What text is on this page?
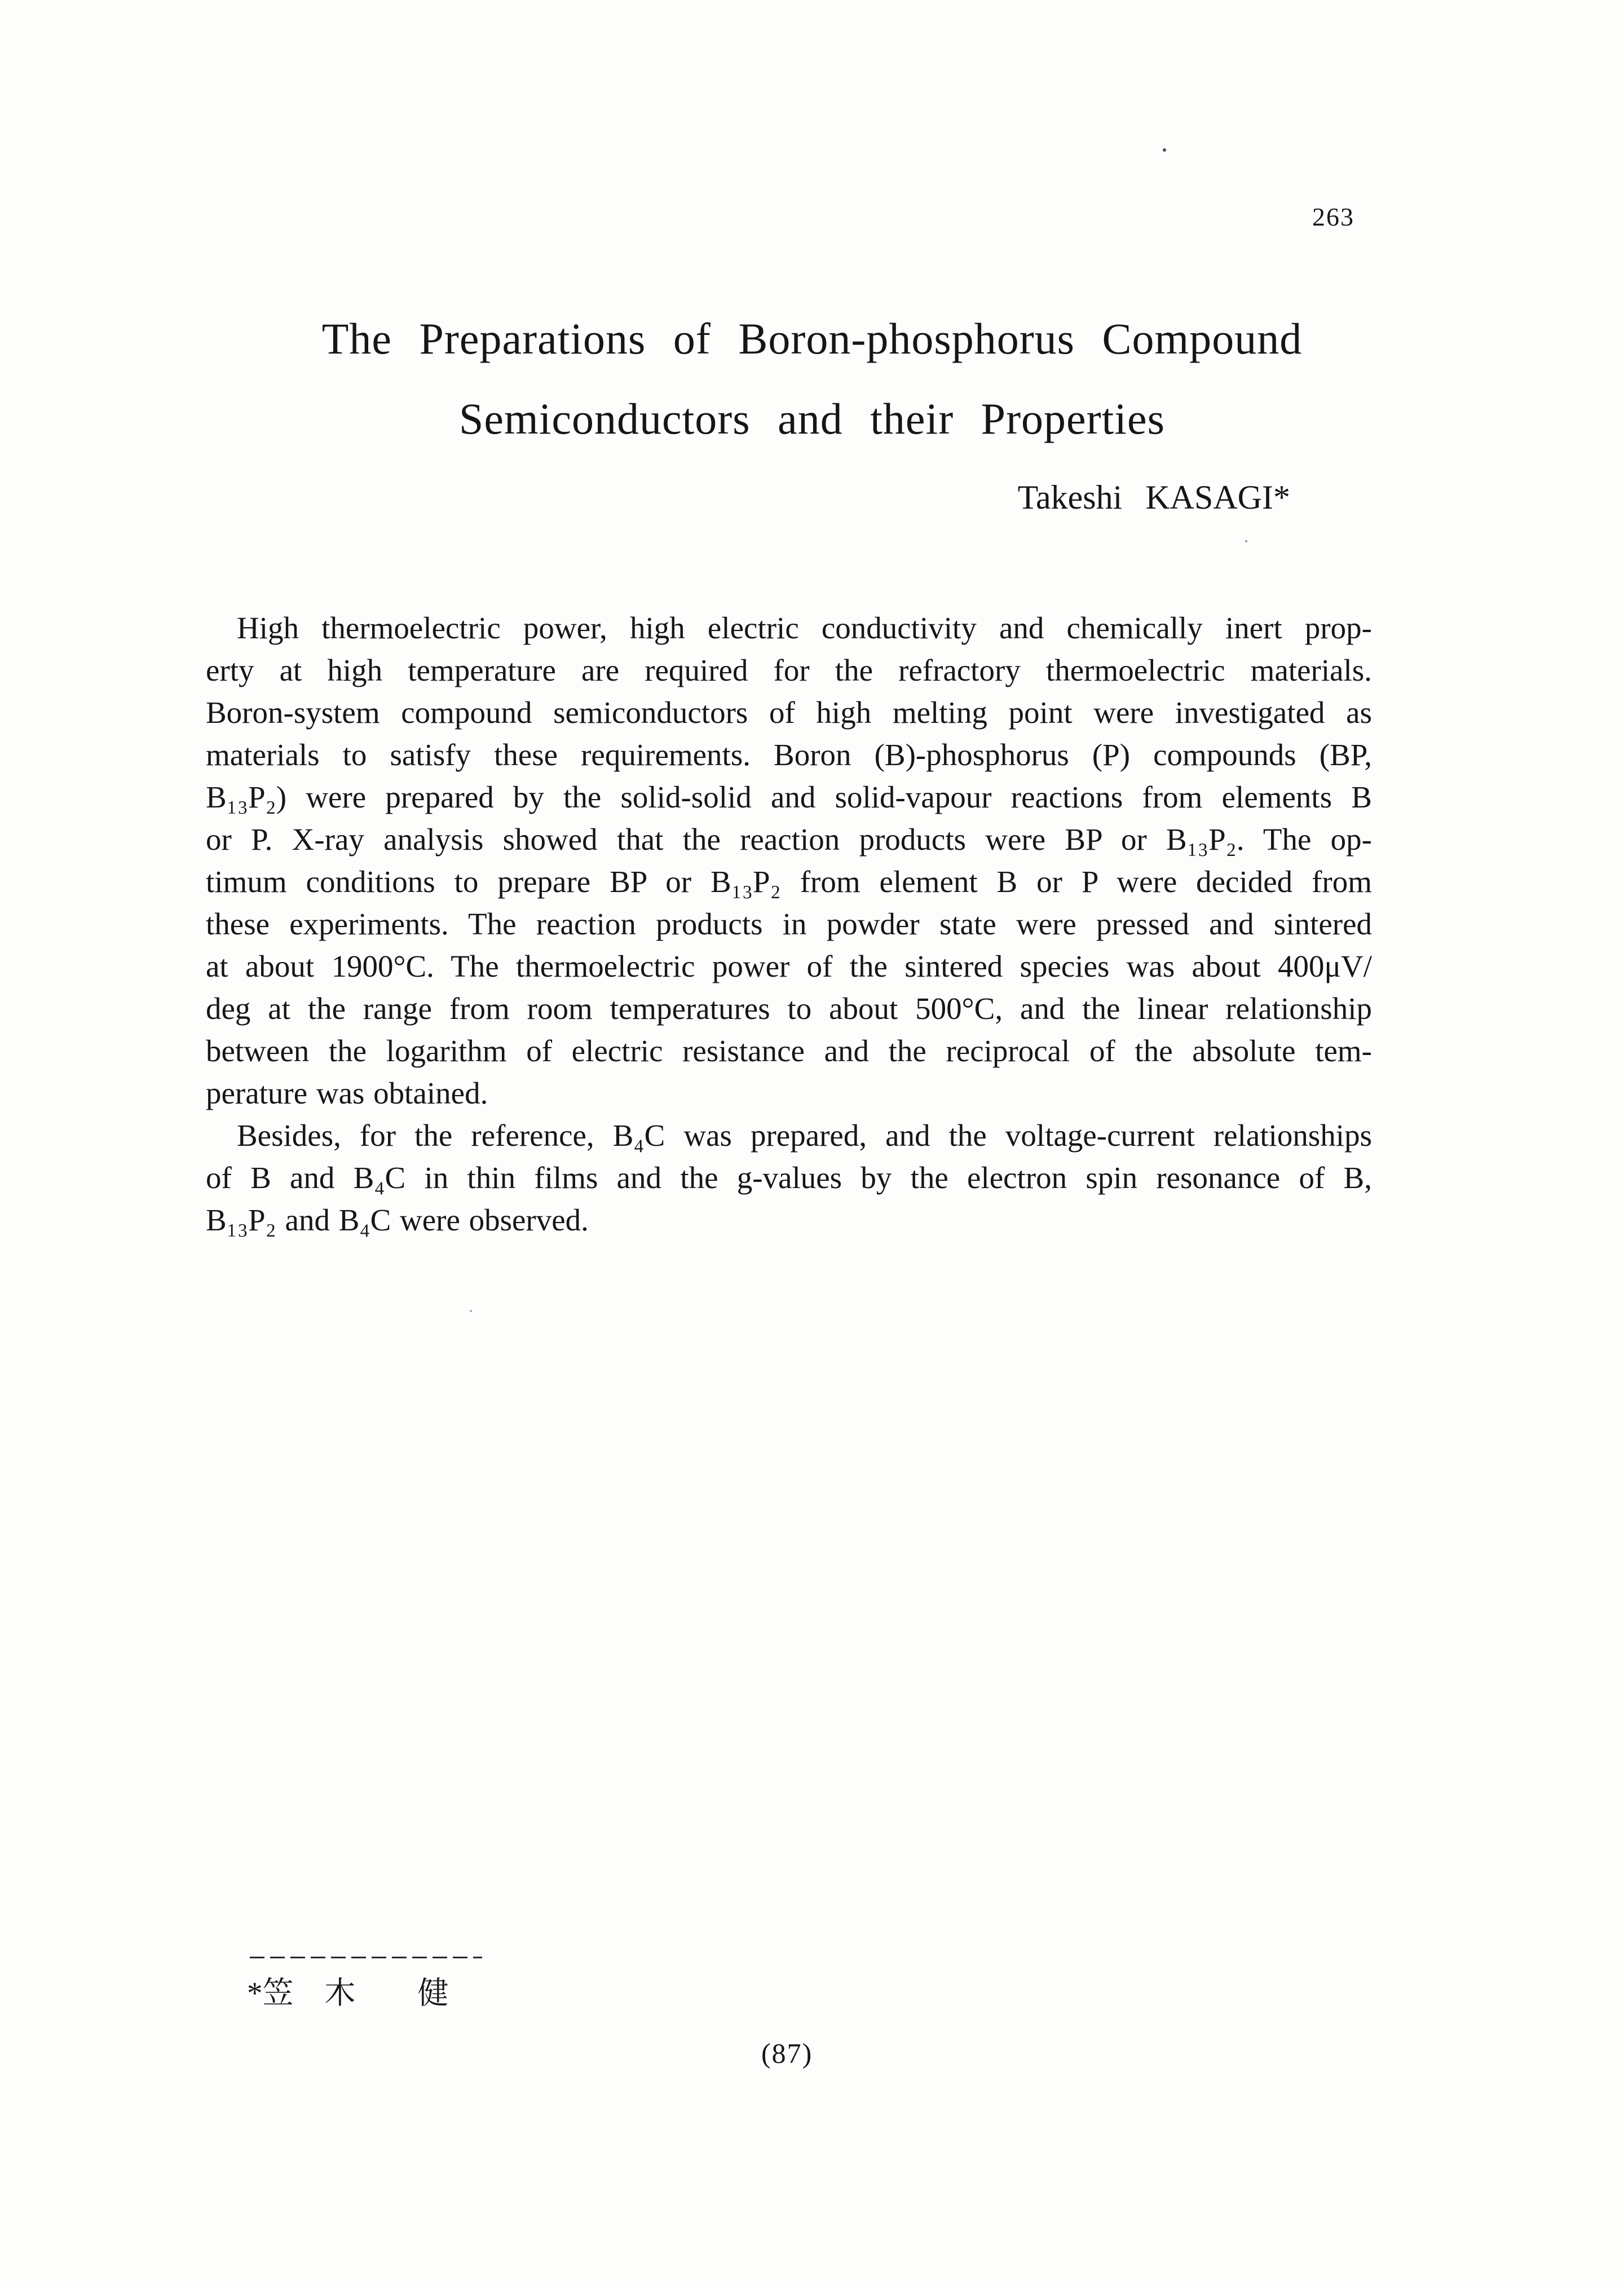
263
The Preparations of Boron-phosphorus Compound
Semiconductors and their Properties
Takeshi KASAGI*
High thermoelectric power, high electric conductivity and chemically inert prop-
erty at high temperature are required for the refractory thermoelectric materials.
Boron-system compound semiconductors of high melting point were investigated as
materials to satisfy these requirements. Boron (B)-phosphorus (P) compounds (BP,
B₁₃P₂) were prepared by the solid-solid and solid-vapour reactions from elements B
or P. X-ray analysis showed that the reaction products were BP or B₁₃P₂. The op-
timum conditions to prepare BP or B₁₃P₂ from element B or P were decided from
these experiments. The reaction products in powder state were pressed and sintered
at about 1900°C. The thermoelectric power of the sintered species was about 400μV/
deg at the range from room temperatures to about 500°C, and the linear relationship
between the logarithm of electric resistance and the reciprocal of the absolute tem-
perature was obtained.
Besides, for the reference, B₄C was prepared, and the voltage-current relationships
of B and B₄C in thin films and the g-values by the electron spin resonance of B,
B₁₃P₂ and B₄C were observed.
*笠　木　　健
(87)
